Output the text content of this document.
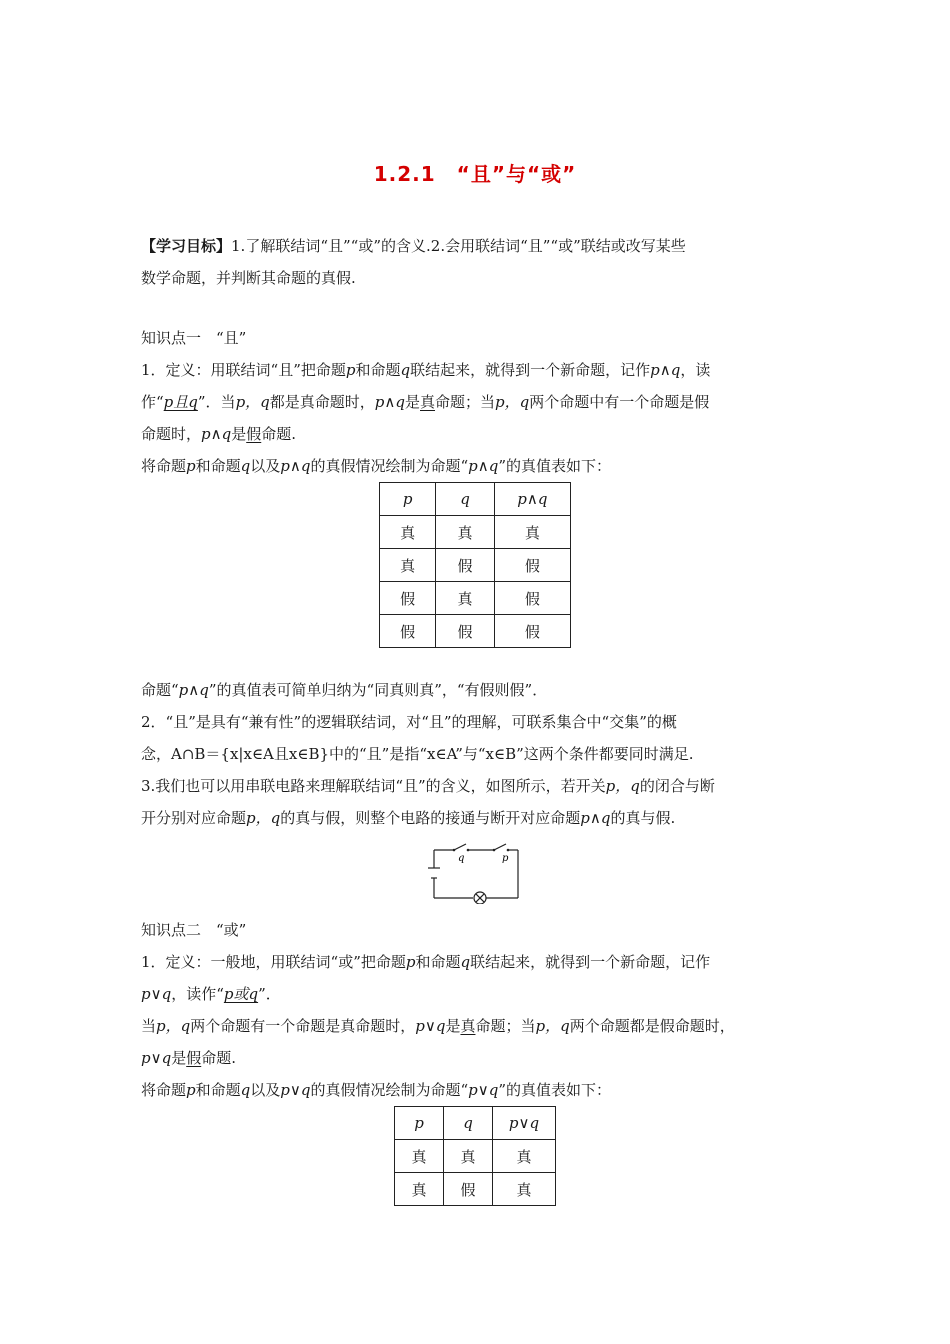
1.2.1　“且”与“或”
【学习目标】1.了解联结词“且”“或”的含义.2.会用联结词“且”“或”联结或改写某些
数学命题，并判断其命题的真假.
知识点一　“且”
1．定义：用联结词“且”把命题p和命题q联结起来，就得到一个新命题，记作p∧q，读
作“p且q”．当p，q都是真命题时，p∧q是真命题；当p，q两个命题中有一个命题是假
命题时，p∧q是假命题.
将命题p和命题q以及p∧q的真假情况绘制为命题“p∧q”的真值表如下：
p	q	p∧q
真	真	真
真	假	假
假	真	假
假	假	假
命题“p∧q”的真值表可简单归纳为“同真则真”，“有假则假”．
2．“且”是具有“兼有性”的逻辑联结词，对“且”的理解，可联系集合中“交集”的概
念，A∩B＝{x|x∈A且x∈B}中的“且”是指“x∈A”与“x∈B”这两个条件都要同时满足.
3.我们也可以用串联电路来理解联结词“且”的含义，如图所示，若开关p，q的闭合与断
开分别对应命题p，q的真与假，则整个电路的接通与断开对应命题p∧q的真与假.
q	p
知识点二　“或”
1．定义：一般地，用联结词“或”把命题p和命题q联结起来，就得到一个新命题，记作
p∨q，读作“p或q”．
当p，q两个命题有一个命题是真命题时，p∨q是真命题；当p，q两个命题都是假命题时，
p∨q是假命题.
将命题p和命题q以及p∨q的真假情况绘制为命题“p∨q”的真值表如下：
p	q	p∨q
真	真	真
真	假	真
